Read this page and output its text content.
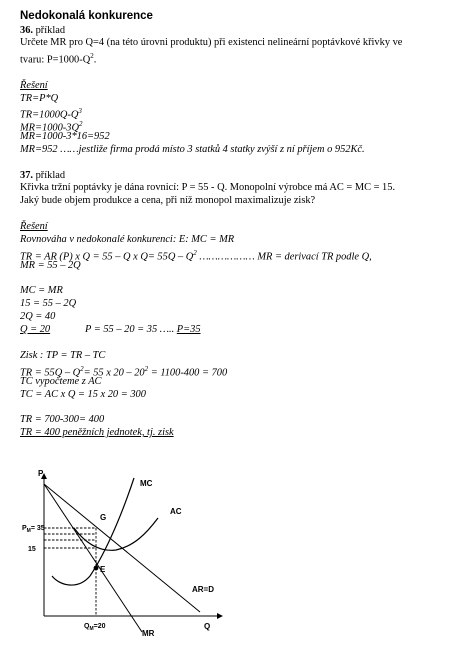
Nedokonalá konkurence
36. příklad
Určete MR pro Q=4 (na této úrovni produktu) při existenci nelineární poptávkové křivky ve
tvaru: $P=1000-Q^2$.
Řešení
TR=P*Q
$TR=1000Q-Q^3$
$MR=1000-3Q^2$
MR=1000-3*16=952
MR=952 ……jestliže firma prodá místo 3 statků 4 statky zvýší z ní příjem o 952Kč.
37. příklad
Křivka tržní poptávky je dána rovnicí: P = 55 - Q. Monopolní výrobce má AC = MC = 15.
Jaký bude objem produkce a cena, při níž monopol maximalizuje zisk?
Řešení
Rovnováha v nedokonalé konkurenci: E: MC = MR
TR = AR (P) x Q = 55 – Q x $Q= 55Q - Q^2$ ……………… MR = derivací TR podle Q,
MR = 55 – 2Q
MC = MR
15 = 55 – 2Q
2Q = 40
Q = 20	P = 55 – 20 = 35 ….. P=35
Zisk : TP = TR – TC
TR = $55Q - Q^2= 55$ x $20 - 20^2 = 1100-400 = 700$
TC vypočteme z AC
TC = AC x Q = 15 x 20 = 300
TR = 700-300= 400
TR = 400 peněžních jednotek, tj. zisk
P
Q
MC
AC
G
E
AR=D
MR
$P_M= 35$
15
$Q_M=20$
